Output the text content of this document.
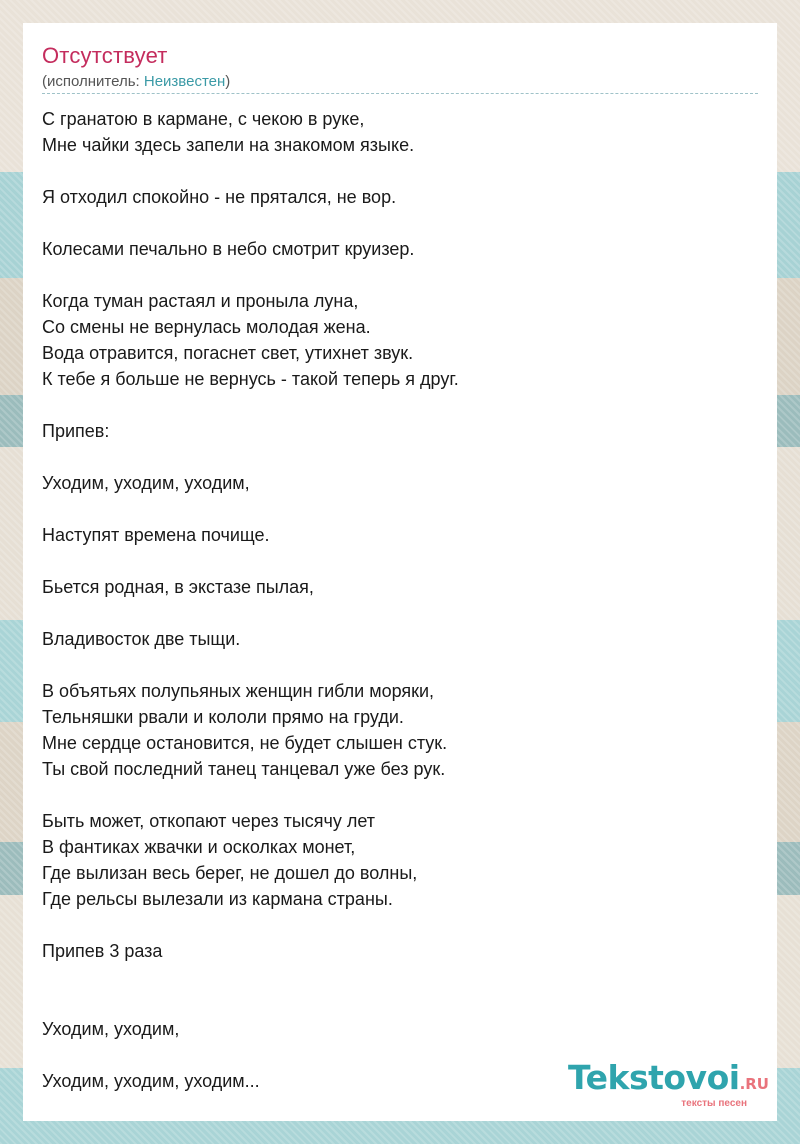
Отсутствует
(исполнитель: Неизвестен)
С гранатою в кармане, с чекою в руке,
Мне чайки здесь запели на знакомом языке.
Я отходил спокойно - не прятался, не вор.
Колесами печально в небо смотрит круизер.
Когда туман растаял и проныла луна,
Со смены не вернулась молодая жена.
Вода отравится, погаснет свет, утихнет звук.
К тебе я больше не вернусь - такой теперь я друг.
Припев:
Уходим, уходим, уходим,
Наступят времена почище.
Бьется родная, в экстазе пылая,
Владивосток две тыщи.
В объятьях полупьяных женщин гибли моряки,
Тельняшки рвали и кололи прямо на груди.
Мне сердце остановится, не будет слышен стук.
Ты свой последний танец танцевал уже без рук.
Быть может, откопают через тысячу лет
В фантиках жвачки и осколках монет,
Где вылизан весь берег, не дошел до волны,
Где рельсы вылезали из кармана страны.
Припев 3 раза
Уходим, уходим,
Уходим, уходим, уходим...	Tekstovoi.RU
тексты песен
